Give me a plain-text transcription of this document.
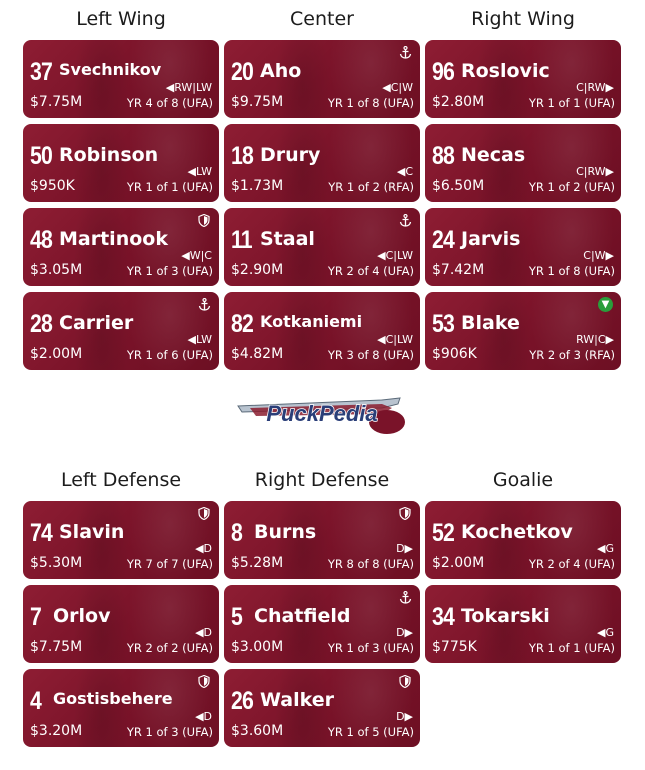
Left Wing	Center	Right Wing
Left Defense	Right Defense	Goalie
37 Svechnikov
◀RW|LW
$7.75M	YR 4 of 8 (UFA)
20 Aho
◀C|W
$9.75M	YR 1 of 8 (UFA)
96 Roslovic
C|RW▶
$2.80M	YR 1 of 1 (UFA)
50 Robinson
◀LW
$950K	YR 1 of 1 (UFA)
18 Drury
◀C
$1.73M	YR 1 of 2 (RFA)
88 Necas
C|RW▶
$6.50M	YR 1 of 2 (UFA)
48 Martinook
◀W|C
$3.05M	YR 1 of 3 (UFA)
11 Staal
◀C|LW
$2.90M	YR 2 of 4 (UFA)
24 Jarvis
C|W▶
$7.42M	YR 1 of 8 (UFA)
28 Carrier
◀LW
$2.00M	YR 1 of 6 (UFA)
82 Kotkaniemi
◀C|LW
$4.82M	YR 3 of 8 (UFA)
53 Blake
RW|C▶
$906K	YR 2 of 3 (RFA)
▼
74 Slavin
◀D
$5.30M	YR 7 of 7 (UFA)
8 Burns
D▶
$5.28M	YR 8 of 8 (UFA)
52 Kochetkov
◀G
$2.00M	YR 2 of 4 (UFA)
7 Orlov
◀D
$7.75M	YR 2 of 2 (UFA)
5 Chatfield
D▶
$3.00M	YR 1 of 3 (UFA)
34 Tokarski
◀G
$775K	YR 1 of 1 (UFA)
4 Gostisbehere
◀D
$3.20M	YR 1 of 3 (UFA)
26 Walker
D▶
$3.60M	YR 1 of 5 (UFA)
PuckPedia
